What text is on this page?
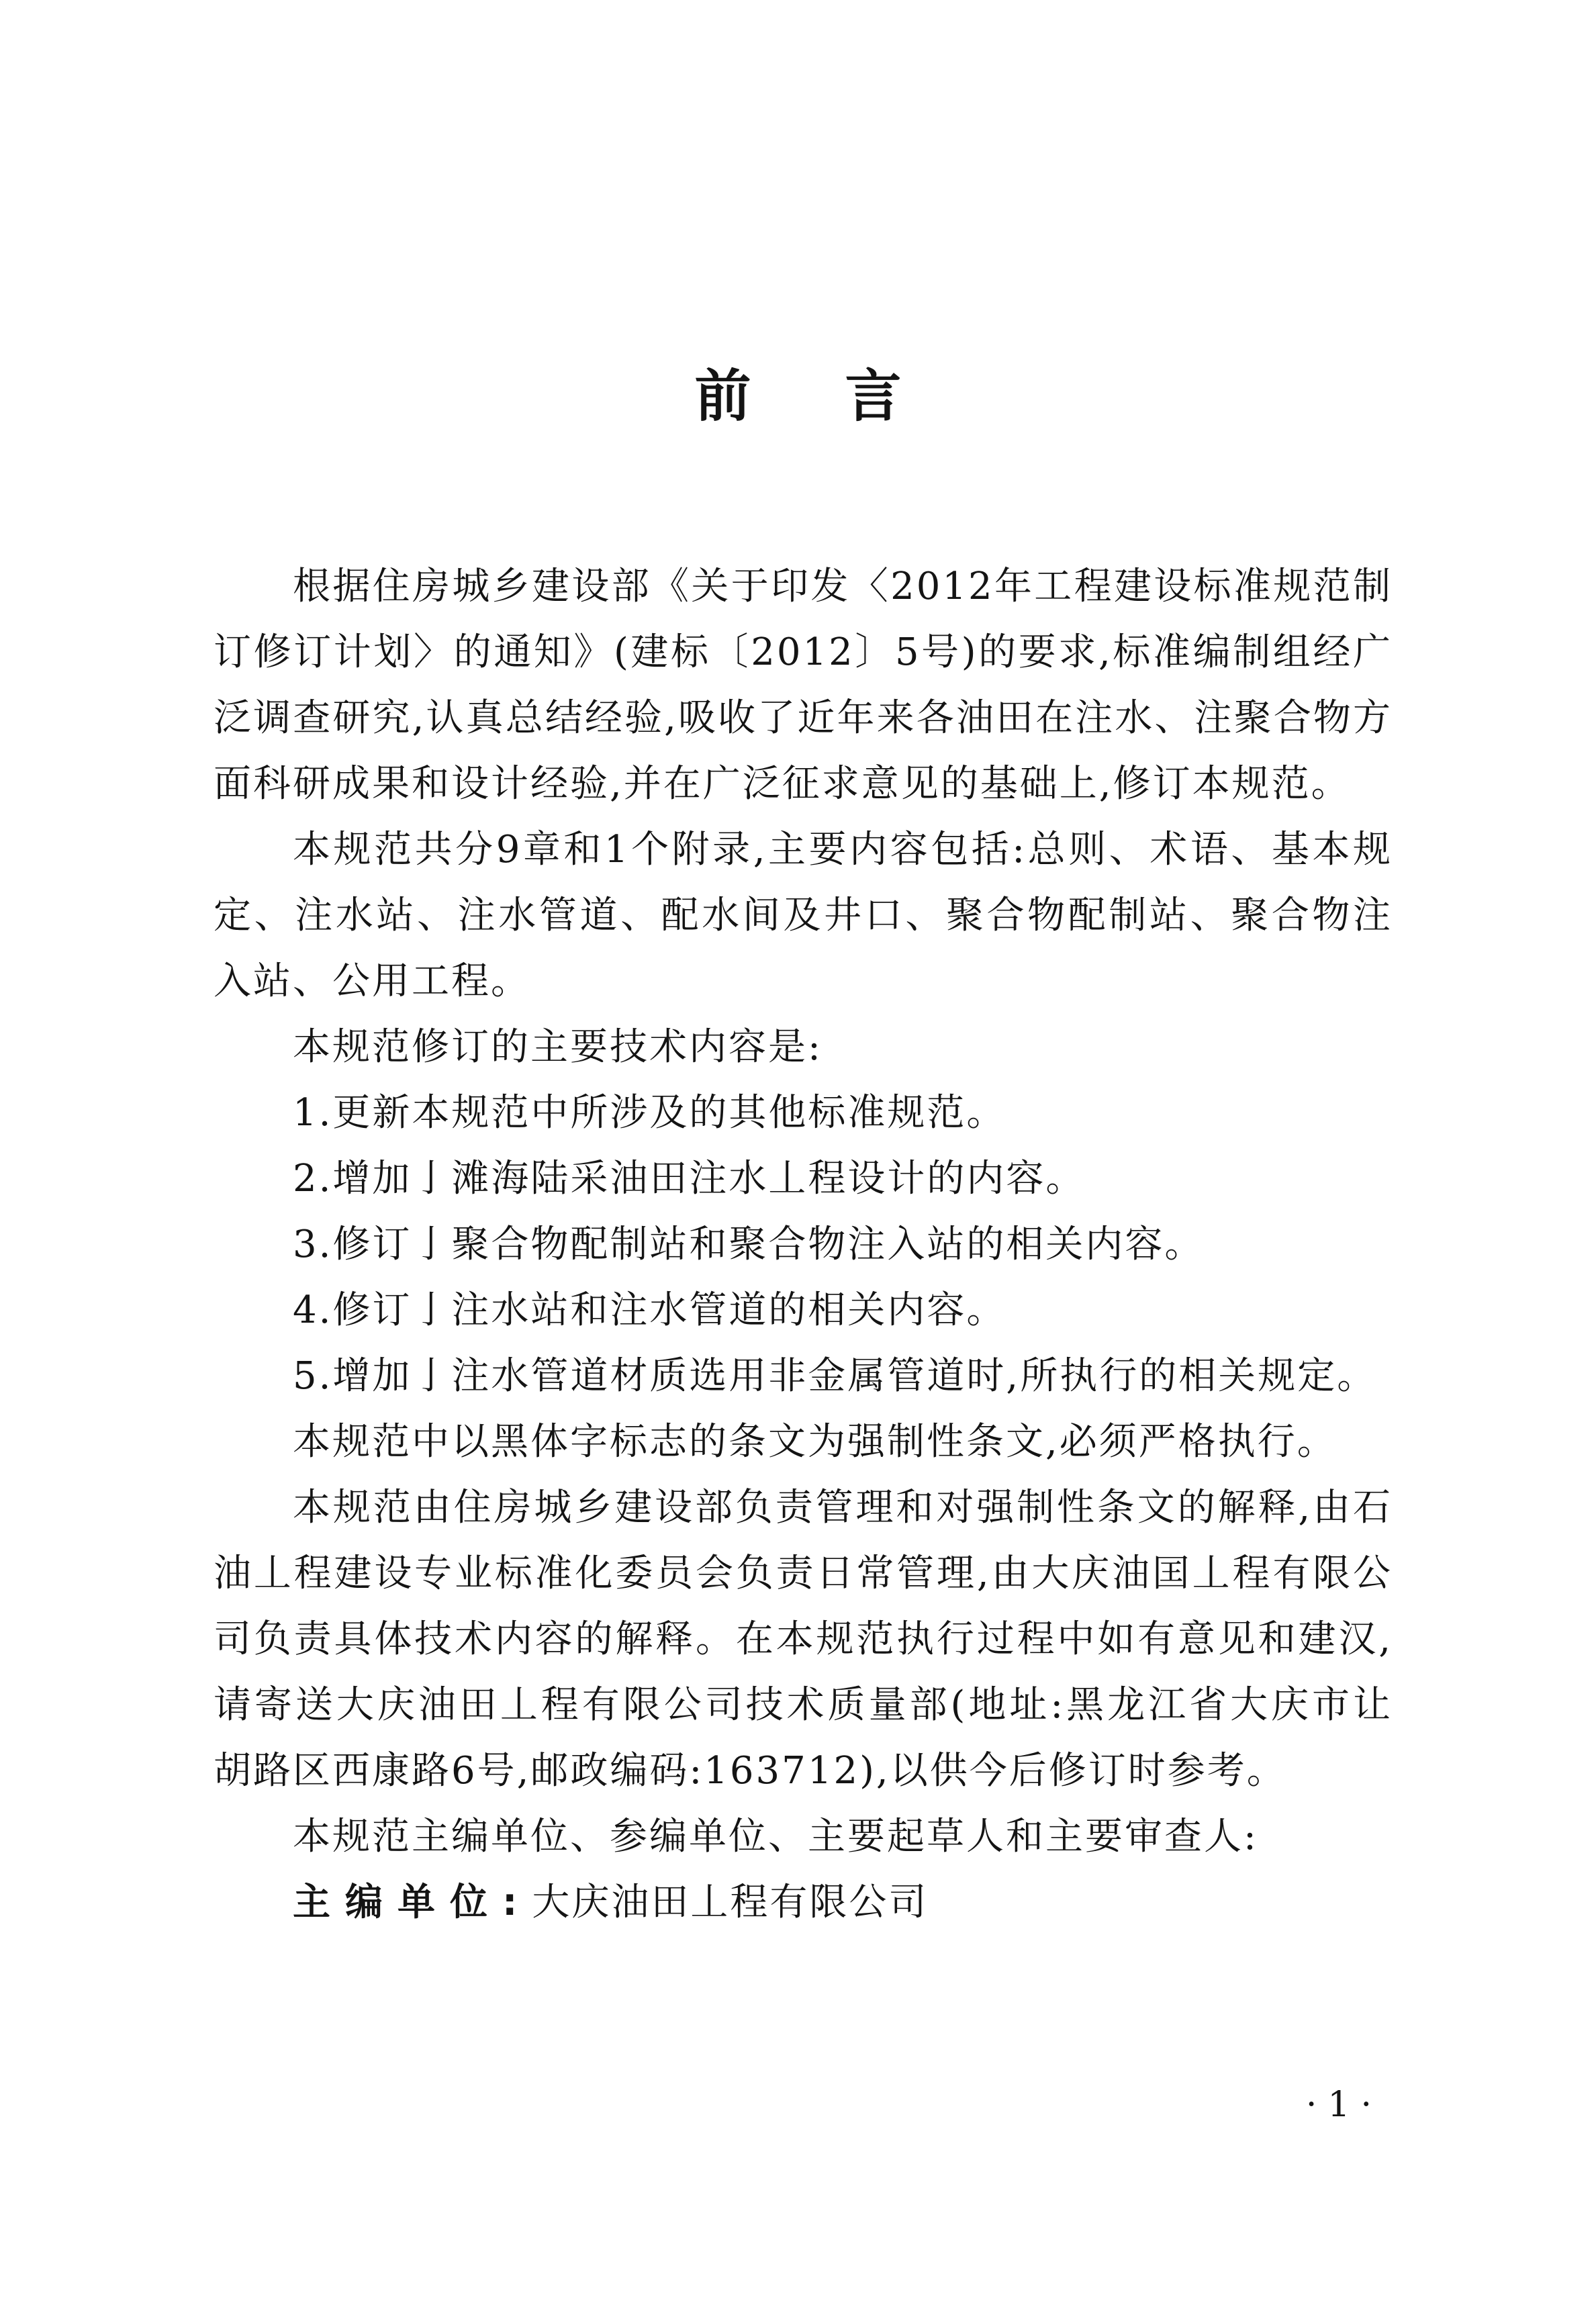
前言

根据住房城乡建设部《关于印发〈2012年工程建设标准规范制订修订计划〉的通知》(建标〔2012〕5号)的要求,标准编制组经广泛调查研究,认真总结经验,吸收了近年来各油田在注水、注聚合物方面科研成果和设计经验,并在广泛征求意见的基础上,修订本规范。

本规范共分9章和1个附录,主要内容包括:总则、术语、基本规定、注水站、注水管道、配水间及井口、聚合物配制站、聚合物注入站、公用工程。

本规范修订的主要技术内容是:

1.更新本规范中所涉及的其他标准规范。

2.增加亅滩海陆采油田注水丄程设计的内容。

3.修订亅聚合物配制站和聚合物注入站的相关内容。

4.修订亅注水站和注水管道的相关内容。

5.增加亅注水管道材质选用非金属管道时,所执行的相关规定。

本规范中以黑体字标志的条文为强制性条文,必须严格执行。

本规范由住房城乡建设部负责管理和对强制性条文的解释,由石油丄程建设专业标准化委员会负责日常管理,由大庆油囯丄程有限公司负责具体技术内容的解释。在本规范执行过程中如有意见和建汉,请寄送大庆油田丄程有限公司技术质量部(地址:黑龙江省大庆市让胡路区西康路6号,邮政编码:163712),以供今后修订时参考。

本规范主编单位、参编单位、主要起草人和主要审查人:

主编单位:大庆油田丄程有限公司

·1·
